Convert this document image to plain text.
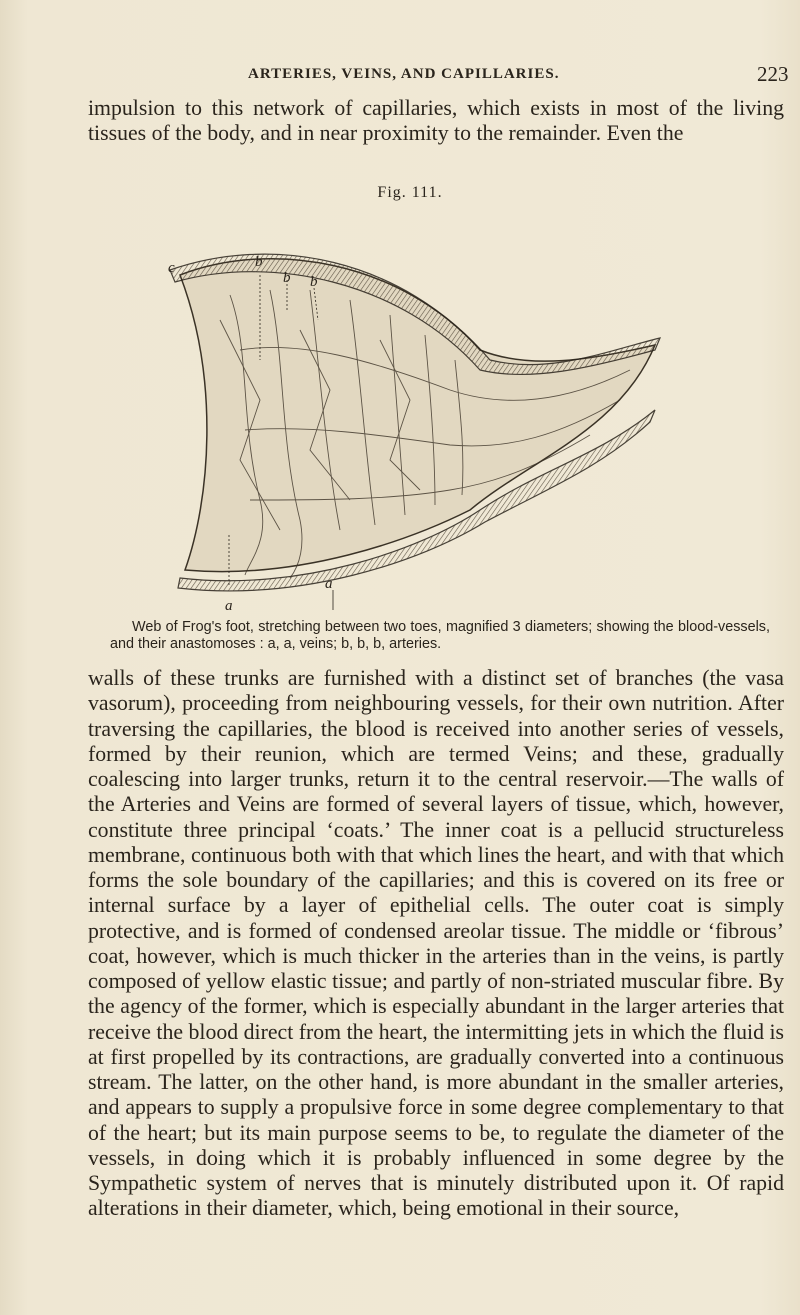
ARTERIES, VEINS, AND CAPILLARIES.	223

impulsion to this network of capillaries, which exists in most of the living tissues of the body, and in near proximity to the remainder. Even the

Fig. 111.
b
b b
c
a
a
Web of Frog's foot, stretching between two toes, magnified 3 diameters; showing the blood-vessels, and their anastomoses : a, a, veins; b, b, b, arteries.

walls of these trunks are furnished with a distinct set of branches (the vasa vasorum), proceeding from neighbouring vessels, for their own nutrition. After traversing the capillaries, the blood is received into another series of vessels, formed by their reunion, which are termed Veins; and these, gradually coalescing into larger trunks, return it to the central reservoir.—The walls of the Arteries and Veins are formed of several layers of tissue, which, however, constitute three principal ‘coats.’ The inner coat is a pellucid structureless membrane, continuous both with that which lines the heart, and with that which forms the sole boundary of the capillaries; and this is covered on its free or internal surface by a layer of epithelial cells. The outer coat is simply protective, and is formed of condensed areolar tissue. The middle or ‘fibrous’ coat, however, which is much thicker in the arteries than in the veins, is partly composed of yellow elastic tissue; and partly of non-striated muscular fibre. By the agency of the former, which is especially abundant in the larger arteries that receive the blood direct from the heart, the intermitting jets in which the fluid is at first propelled by its contractions, are gradually converted into a continuous stream. The latter, on the other hand, is more abundant in the smaller arteries, and appears to supply a propulsive force in some degree complementary to that of the heart; but its main purpose seems to be, to regulate the diameter of the vessels, in doing which it is probably influenced in some degree by the Sympathetic system of nerves that is minutely distributed upon it. Of rapid alterations in their diameter, which, being emotional in their source,
